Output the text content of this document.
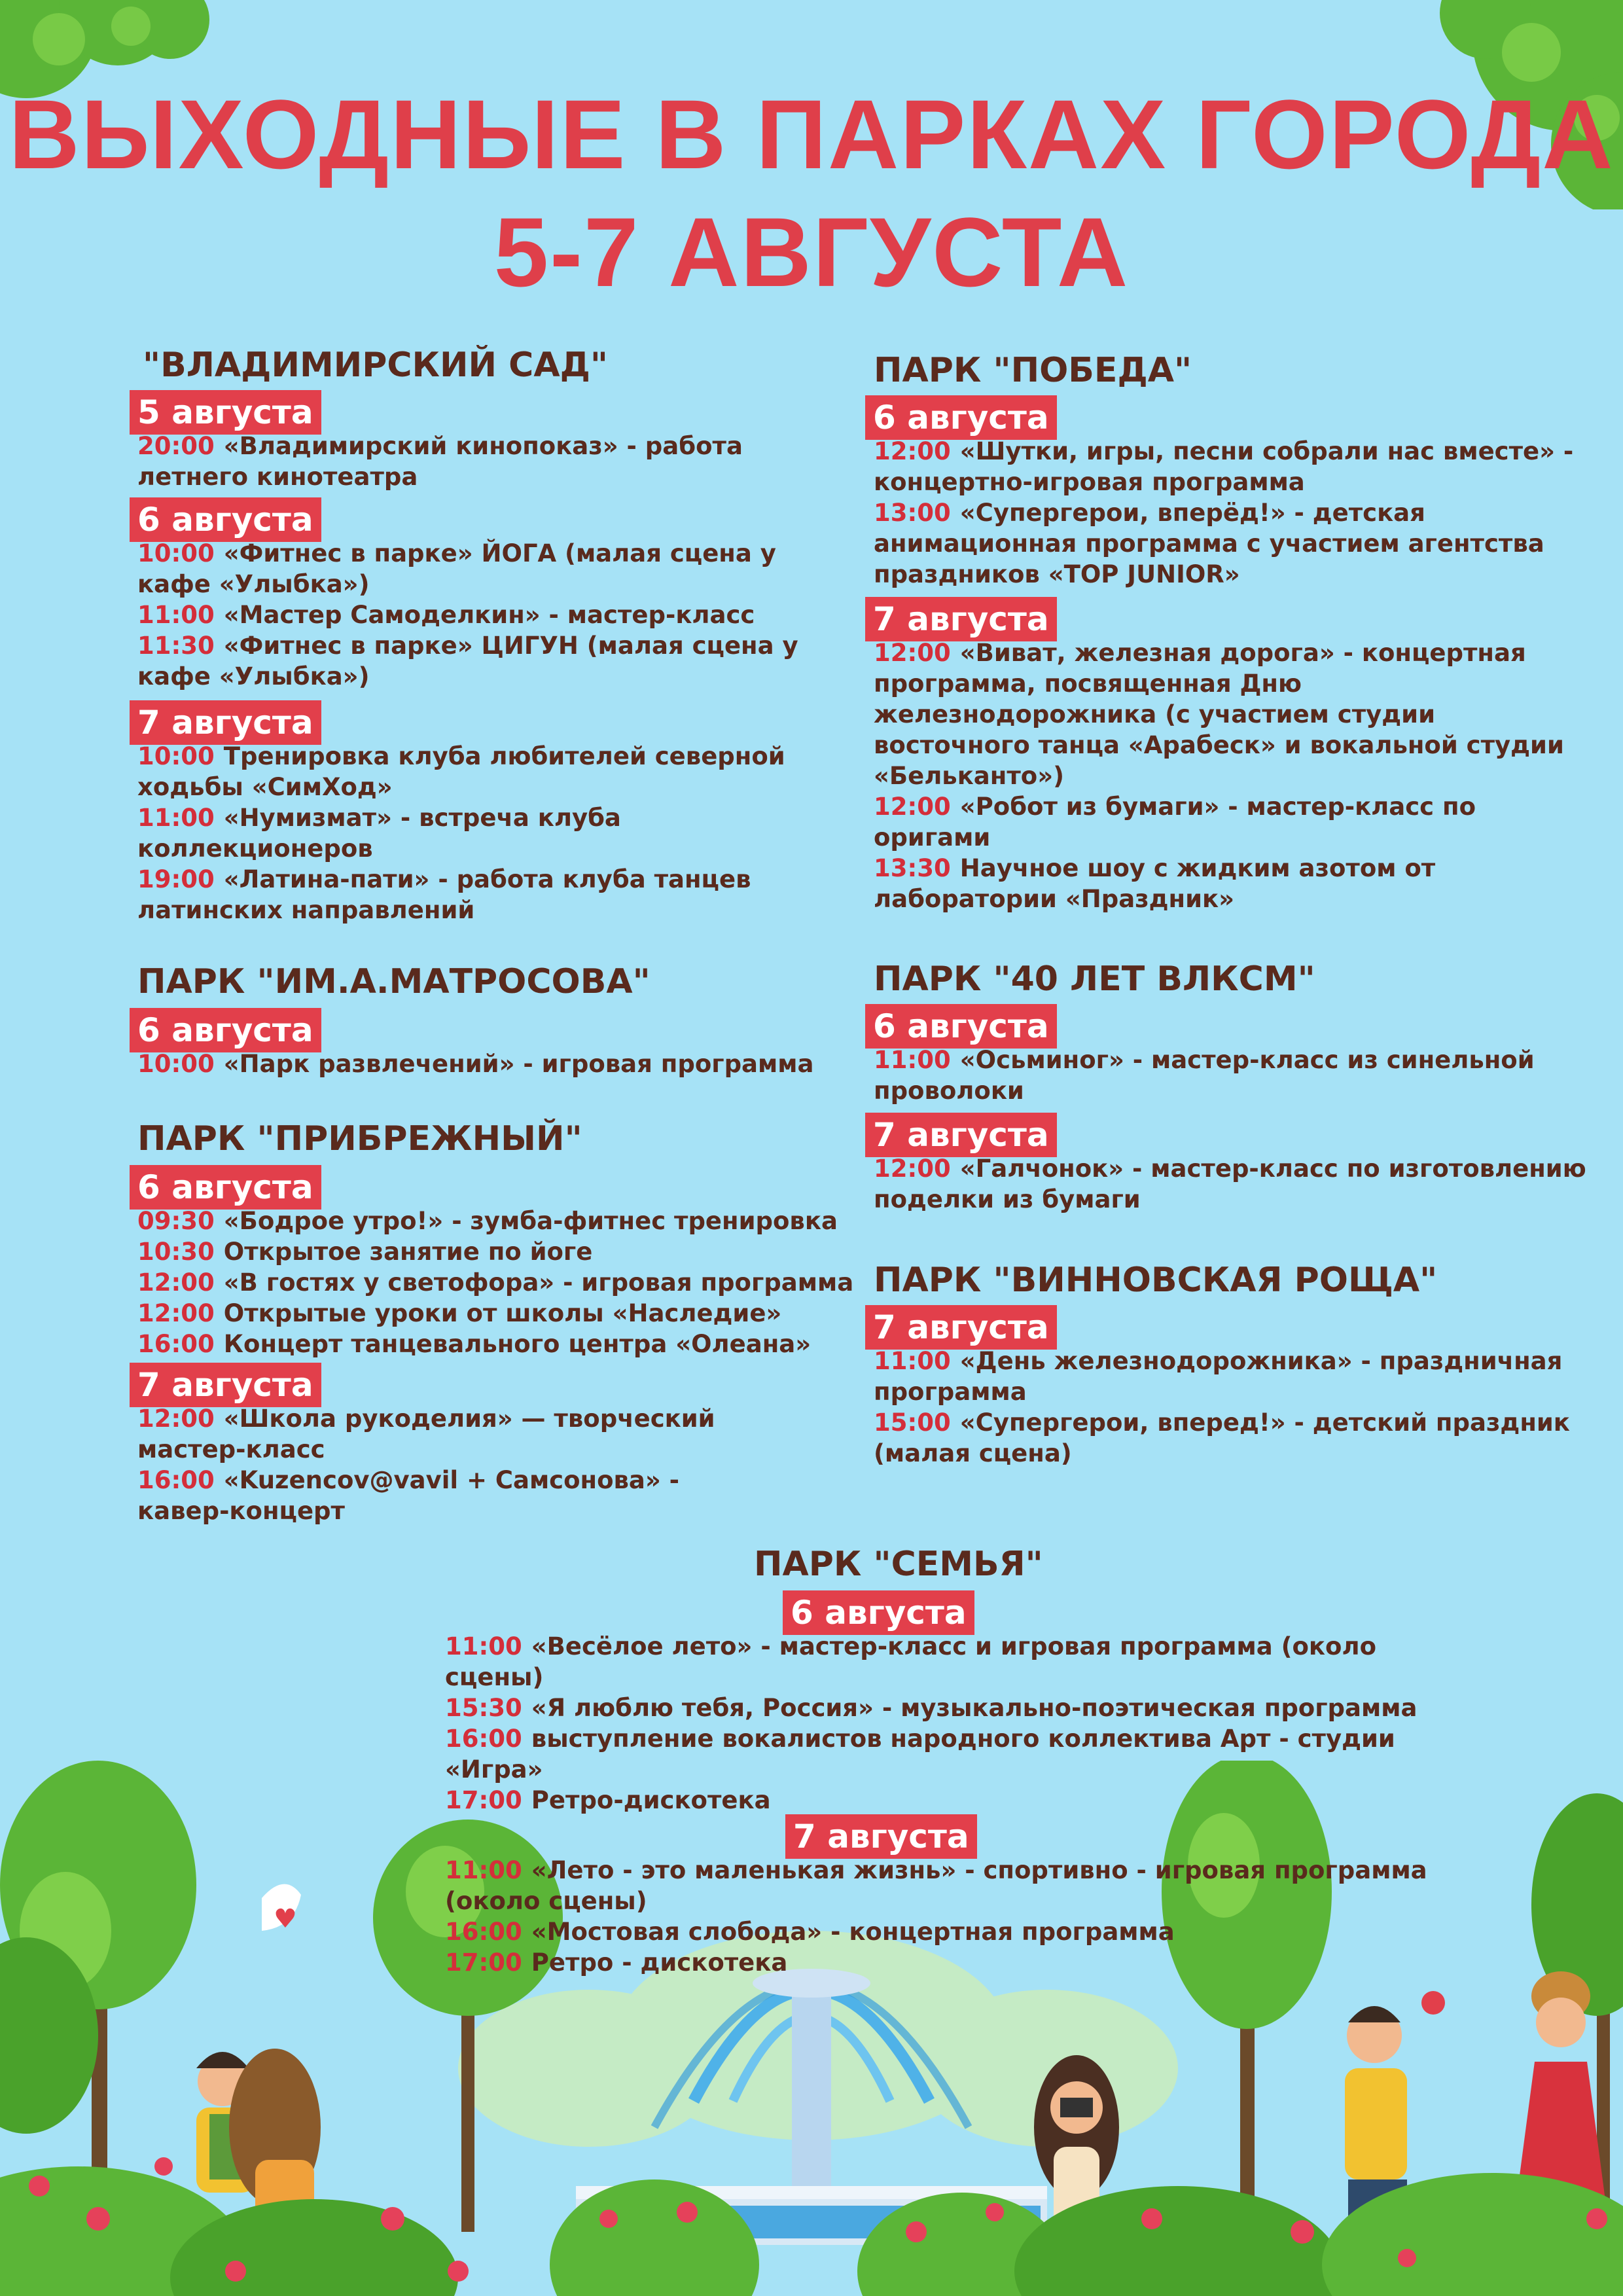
ВЫХОДНЫЕ В ПАРКАХ ГОРОДА
5-7 АВГУСТА
♥
"ВЛАДИМИРСКИЙ САД"
5 августа
20:00 «Владимирский кинопоказ» - работа
летнего кинотеатра
6 августа
10:00 «Фитнес в парке» ЙОГА (малая сцена у
кафе «Улыбка»)
11:00 «Мастер Самоделкин» - мастер-класс
11:30 «Фитнес в парке» ЦИГУН (малая сцена у
кафе «Улыбка»)
7 августа
10:00 Тренировка клуба любителей северной
ходьбы «СимХод»
11:00 «Нумизмат» - встреча клуба
коллекционеров
19:00 «Латина-пати» - работа клуба танцев
латинских направлений
ПАРК "ИМ.А.МАТРОСОВА"
6 августа
10:00 «Парк развлечений» - игровая программа
ПАРК "ПРИБРЕЖНЫЙ"
6 августа
09:30 «Бодрое утро!» - зумба-фитнес тренировка
10:30 Открытое занятие по йоге
12:00 «В гостях у светофора» - игровая программа
12:00 Открытые уроки от школы «Наследие»
16:00 Концерт танцевального центра «Олеана»
7 августа
12:00 «Школа рукоделия» — творческий
мастер-класс
16:00 «Kuzencov@vavil + Самсонова» -
кавер-концерт
ПАРК "ПОБЕДА"
6 августа
12:00 «Шутки, игры, песни собрали нас вместе» -
концертно-игровая программа
13:00 «Супергерои, вперёд!» - детская
анимационная программа с участием агентства
праздников «TOP JUNIOR»
7 августа
12:00 «Виват, железная дорога» - концертная
программа, посвященная Дню
железнодорожника (с участием студии
восточного танца «Арабеск» и вокальной студии
«Бельканто»)
12:00 «Робот из бумаги» - мастер-класс по
оригами
13:30 Научное шоу с жидким азотом от
лаборатории «Праздник»
ПАРК "40 ЛЕТ ВЛКСМ"
6 августа
11:00 «Осьминог» - мастер-класс из синельной
проволоки
7 августа
12:00 «Галчонок» - мастер-класс по изготовлению
поделки из бумаги
ПАРК "ВИННОВСКАЯ РОЩА"
7 августа
11:00 «День железнодорожника» - праздничная
программа
15:00 «Супергерои, вперед!» - детский праздник
(малая сцена)
ПАРК "СЕМЬЯ"
6 августа
11:00 «Весёлое лето» - мастер-класс и игровая программа (около
сцены)
15:30 «Я люблю тебя, Россия» - музыкально-поэтическая программа
16:00 выступление вокалистов народного коллектива Арт - студии
«Игра»
17:00 Ретро-дискотека
7 августа
11:00 «Лето - это маленькая жизнь» - спортивно - игровая программа
(около сцены)
16:00 «Мостовая слобода» - концертная программа
17:00 Ретро - дискотека
